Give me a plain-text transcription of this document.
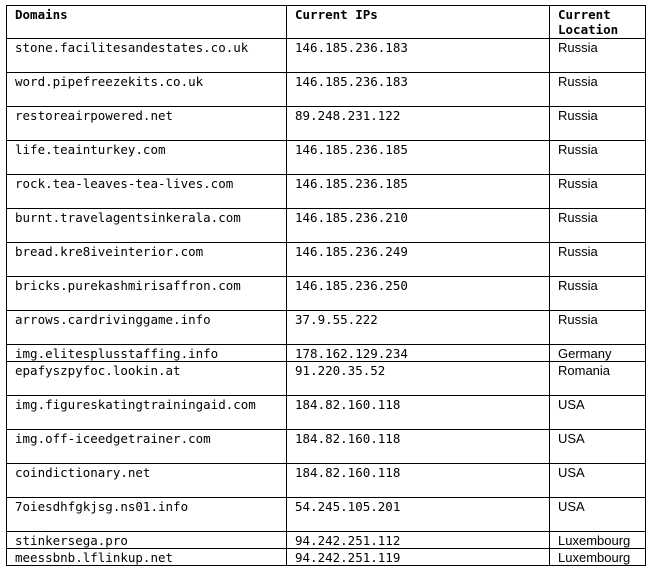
Domains	Current IPs	Current
Location
stone.facilitesandestates.co.uk	146.185.236.183	Russia
word.pipefreezekits.co.uk	146.185.236.183	Russia
restoreairpowered.net	89.248.231.122	Russia
life.teainturkey.com	146.185.236.185	Russia
rock.tea-leaves-tea-lives.com	146.185.236.185	Russia
burnt.travelagentsinkerala.com	146.185.236.210	Russia
bread.kre8iveinterior.com	146.185.236.249	Russia
bricks.purekashmirisaffron.com	146.185.236.250	Russia
arrows.cardrivinggame.info	37.9.55.222	Russia
img.elitesplusstaffing.info	178.162.129.234	Germany
epafyszpyfoc.lookin.at	91.220.35.52	Romania
img.figureskatingtrainingaid.com	184.82.160.118	USA
img.off-iceedgetrainer.com	184.82.160.118	USA
coindictionary.net	184.82.160.118	USA
7oiesdhfgkjsg.ns01.info	54.245.105.201	USA
stinkersega.pro	94.242.251.112	Luxembourg
meessbnb.lflinkup.net	94.242.251.119	Luxembourg
